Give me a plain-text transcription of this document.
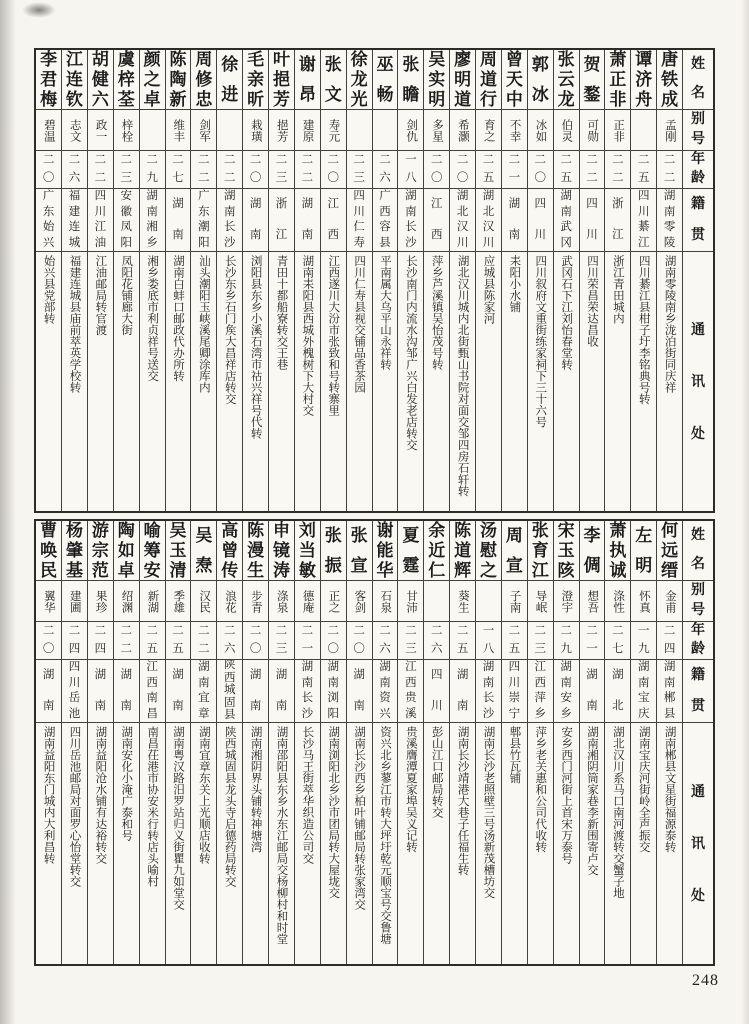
姓
名
别
号
年
龄
籍
贯
通
讯
处
唐
铁
成
孟刚
二
二
湖
南
零
陵
湖南零陵南乡泷泊街同庆祥
谭
济
舟
二
五
四
川
綦
江
四川綦江县柑子圩李铭典号转
萧
正
非
正非
二
二
浙
江
浙江青田城内
贺
鍪
可勋
二
二
四
川
四川荣昌荣达昌收
张
云
龙
伯灵
二
五
湖
南
武
冈
武冈石下江刘怡春堂转
郭
冰
冰如
二
〇
四
川
四川叙府文重街练家祠下三十六号
曾
天
中
不幸
二
一
湖
南
耒阳小水铺
周
道
行
育之
二
五
湖
北
汉
川
应城县陈家河
廖
明
道
希灏
二
〇
湖
北
汉
川
湖北汉川城内北街甄山书院对面交邹四房石轩转
吴
实
明
多星
二
〇
江
西
萍乡芦溪镇吴怡茂号转
张
瞻
剑仇
一
八
湖
南
长
沙
长沙南门内流水沟邹广兴白发老店转交
巫
畅
二
六
广
西
容
县
平南属大乌平山永祥转
徐
龙
光
二
三
四
川
仁
寿
四川仁寿县视交铺品香茶园
张
文
寿元
二
〇
江
西
江西遂川大汾市张致和号转寨里
谢
昂
建原
二
二
湖
南
湖南耒阳县西城外槐树下大村交
叶
挹
芳
挹芳
二
三
浙
江
青田十都船寮转交王巷
毛
亲
昕
栽璜
二
〇
湖
南
浏阳县东乡小溪石湾市祜兴祥号代转
徐
进
二
二
湖
南
长
沙
长沙东乡石门矦大昌祥店转交
周
修
忠
剑军
二
二
广
东
潮
阳
汕头潮阳玉峡溪尾卿涂库内
陈
陶
新
维丰
二
七
湖
南
湖南白蚌口邮政代办所转
颜
之
卓
二
九
湖
南
湘
乡
湘乡娄底市利贞祥号送交
虞
梓
荃
梓栓
二
三
安
徽
凤
阳
凤阳花铺廊大街
胡
健
六
政一
二
二
四
川
江
油
江油邮局转官渡
江
连
钦
志文
二
六
福
建
连
城
福建连城县庙前萃英学校转
李
君
梅
碧温
二
〇
广
东
始
兴
始兴县党部转
姓
名
别
号
年
龄
籍
贯
通
讯
处
何
远
缙
金甫
二
四
湖
南
郴
县
湖南郴县文星街福源泰转
左
明
怀真
一
九
湖
南
宝
庆
湖南宝庆河街岭全声振交
萧
执
诚
涤性
二
七
湖
北
湖北汉川系马口南河渡转交蟹子地
李
倜
想吾
二
一
湖
南
湖南湘阴筒家巷李新围寄卢交
宋
玉
陔
澄宇
二
九
湖
南
安
乡
安乡西门河街上首宋万泰号
张
育
江
导岷
二
三
江
西
萍
乡
萍乡老关惠和公司代收转
周
宣
子南
二
五
四
川
崇
宁
郫县竹瓦铺
汤
慰
之
一
八
湖
南
长
沙
湖南长沙老照壁三号汤新茂槽坊交
陈
道
辉
葵生
二
五
湖
南
湖南长沙靖港大巷子任福生转
余
近
仁
二
六
四
川
彭山江口邮局转交
夏
霆
甘沛
二
三
江
西
贵
溪
贵溪膺潭夏家埠吴义记转
谢
能
华
石泉
二
六
湖
南
资
兴
资兴北乡蓼江市转大坪圩乾元顺宝号交鲁塘
张
宣
客剑
二
〇
湖
南
湖南长沙西乡柏叶铺邮局转张家湾交
张
振
正之
二
〇
湖
南
浏
阳
湖南浏阳北乡沙市团局转大屋垅交
刘
当
敏
德庵
二
一
湖
南
长
沙
长沙马王街萃华织造公司交
申
镜
涛
涤泉
二
三
湖
南
湖南邵阳县东乡水东江邮局交杨柳村和时堂
陈
漫
生
步青
二
〇
湖
南
湖南湘阴界头铺转神塘湾
高
曾
传
浪花
二
六
陕
西
城
固
县
陕西城固县龙头寺启德药局转交
吴
焘
汉民
二
二
湖
南
宜
章
湖南宜章东关上光顺店收转
吴
玉
清
季雄
二
五
湖
南
湖南粤汉路汨罗站归义街瞿九如堂交
喻
筹
安
新湖
二
五
江
西
南
昌
南昌茌港市协安米行转店头喻村
陶
如
卓
绍渊
二
二
湖
南
湖南安化小淹广泰和号
游
宗
范
果珍
二
四
湖
南
湖南益阳沧水铺有达裕转交
杨
肇
基
建圃
二
四
四
川
岳
池
四川岳池邮局对面罗心怡堂转交
曹
唤
民
翼华
二
〇
湖
南
湖南益阳东门城内大利昌转
248
